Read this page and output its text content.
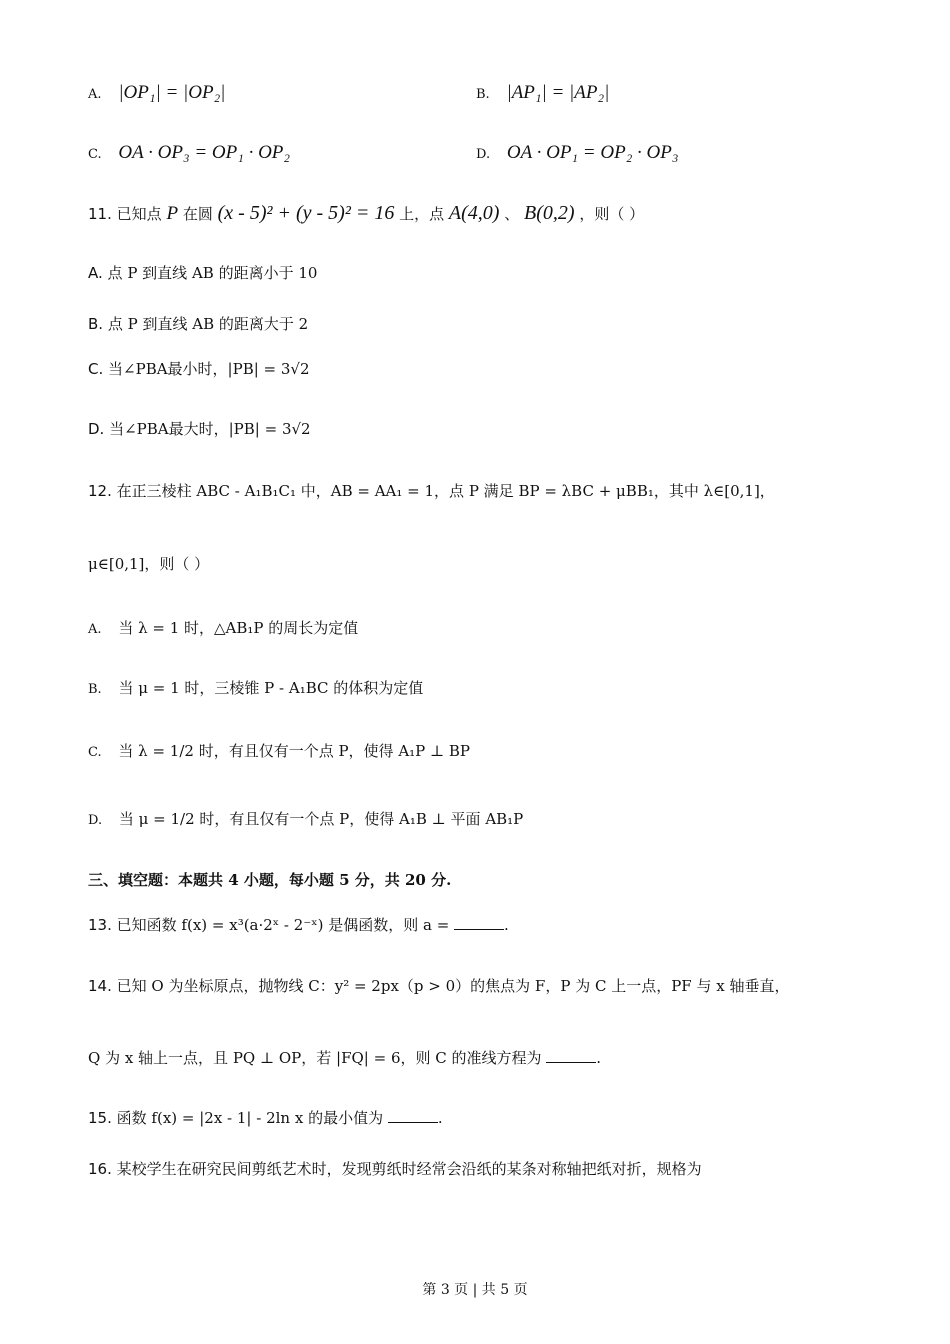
A. |OP₁| = |OP₂|	B. |AP₁| = |AP₂|
C. OA · OP₃ = OP₁ · OP₂	D. OA · OP₁ = OP₂ · OP₃
11. 已知点 P 在圆 (x - 5)² + (y - 5)² = 16 上，点 A(4,0) 、 B(0,2) ，则（ ）
A. 点 P 到直线 AB 的距离小于 10
B. 点 P 到直线 AB 的距离大于 2
C. 当∠PBA最小时，|PB| = 3√2
D. 当∠PBA最大时，|PB| = 3√2
12. 在正三棱柱 ABC - A₁B₁C₁ 中，AB = AA₁ = 1，点 P 满足 BP = λBC + μBB₁，其中 λ∈[0,1]，
μ∈[0,1]，则（ ）
A. 当 λ = 1 时，△AB₁P 的周长为定值
B. 当 μ = 1 时，三棱锥 P - A₁BC 的体积为定值
C. 当 λ = 1/2 时，有且仅有一个点 P，使得 A₁P ⊥ BP
D. 当 μ = 1/2 时，有且仅有一个点 P，使得 A₁B ⊥ 平面 AB₁P
三、填空题：本题共 4 小题，每小题 5 分，共 20 分.
13. 已知函数 f(x) = x³(a·2ˣ - 2⁻ˣ) 是偶函数，则 a =	.
14. 已知 O 为坐标原点，抛物线 C：y² = 2px（p > 0）的焦点为 F，P 为 C 上一点，PF 与 x 轴垂直，
Q 为 x 轴上一点，且 PQ ⊥ OP，若 |FQ| = 6，则 C 的准线方程为	.
15. 函数 f(x) = |2x - 1| - 2ln x 的最小值为	.
16. 某校学生在研究民间剪纸艺术时，发现剪纸时经常会沿纸的某条对称轴把纸对折，规格为
第 3 页 | 共 5 页
